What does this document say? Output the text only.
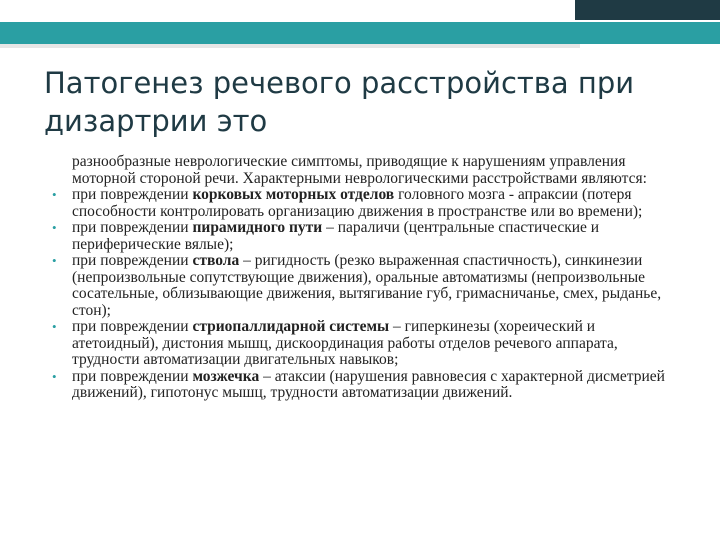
Патогенез речевого расстройства при дизартрии это

разнообразные неврологические симптомы, приводящие к нарушениям управления моторной стороной речи. Характерными неврологическими расстройствами являются:

• при повреждении корковых моторных отделов головного мозга - апраксии (потеря способности контролировать организацию движения в пространстве или во времени);
• при повреждении пирамидного пути – параличи (центральные спастические и периферические вялые);
• при повреждении ствола – ригидность (резко выраженная спастичность), синкинезии (непроизвольные сопутствующие движения), оральные автоматизмы (непроизвольные сосательные, облизывающие движения, вытягивание губ, гримасничанье, смех, рыданье, стон);
• при повреждении стриопаллидарной системы – гиперкинезы (хореический и атетоидный), дистония мышц, дискоординация работы отделов речевого аппарата, трудности автоматизации двигательных навыков;
• при повреждении мозжечка – атаксии (нарушения равновесия с характерной дисметрией движений), гипотонус мышц, трудности автоматизации движений.
